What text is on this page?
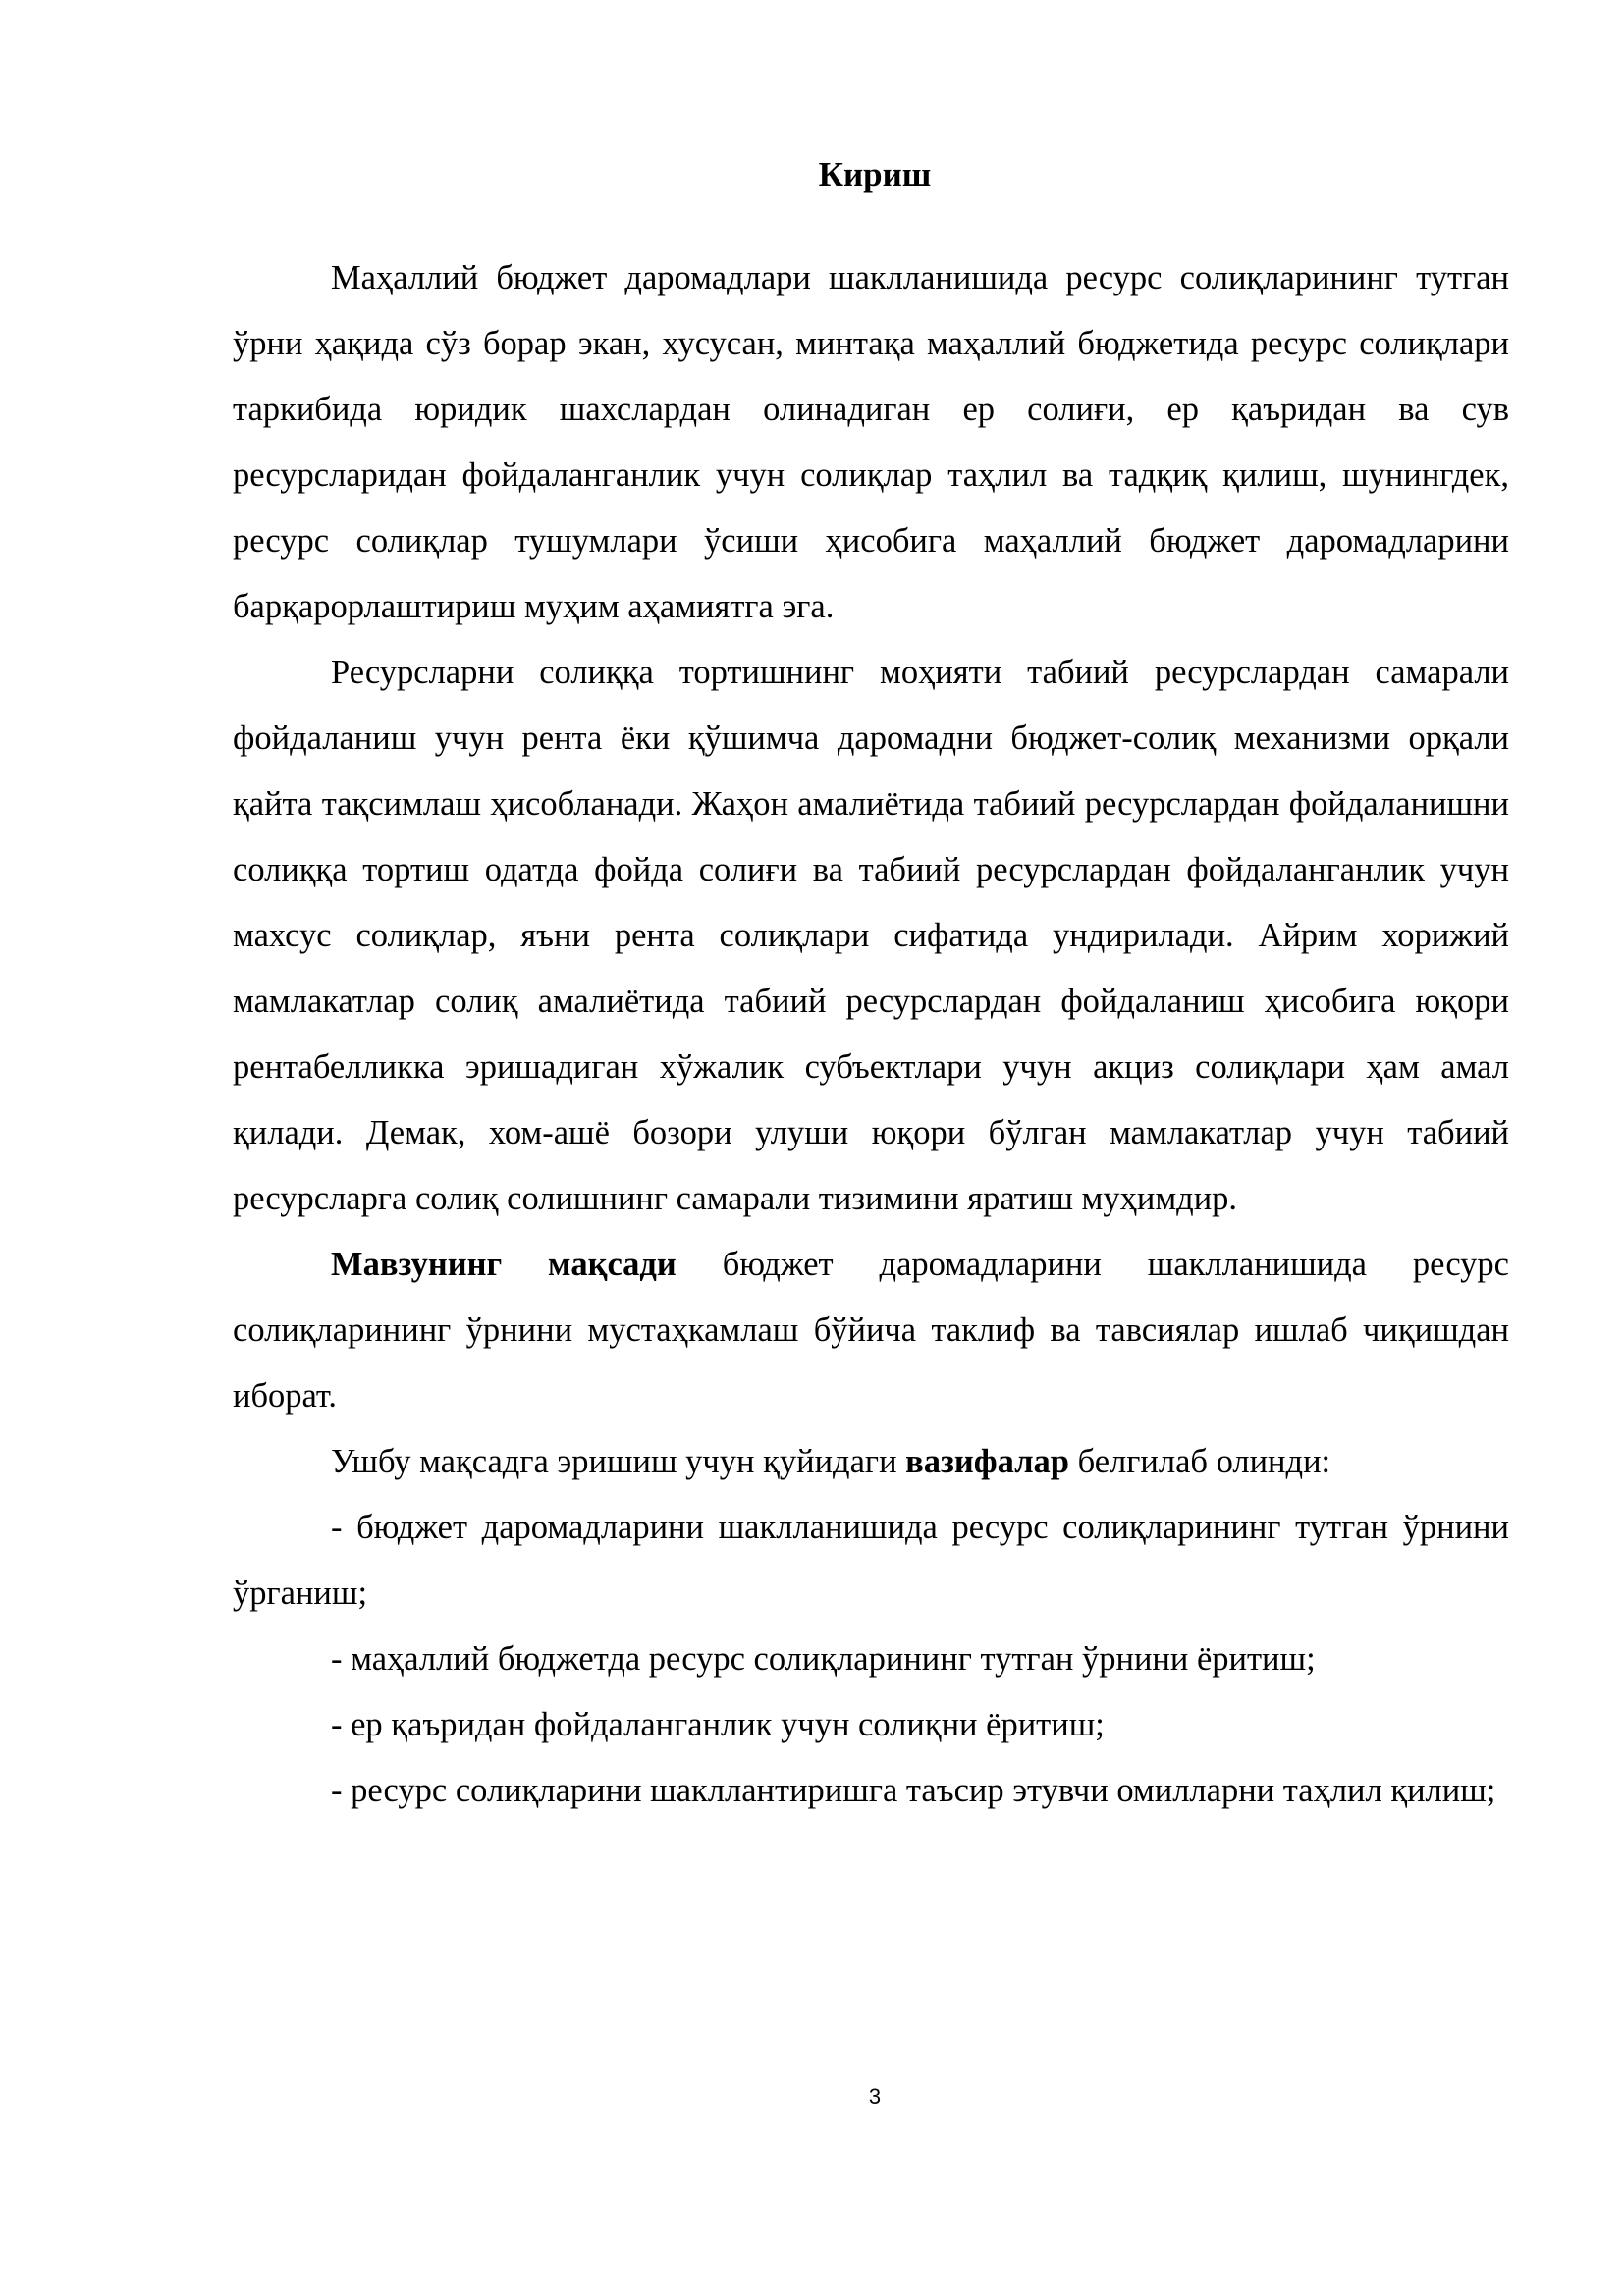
Кириш

Маҳаллий бюджет даромадлари шаклланишида ресурс солиқларининг тутган ўрни ҳақида сўз борар экан, хусусан, минтақа маҳаллий бюджетида ресурс солиқлари таркибида юридик шахслардан олинадиган ер солиғи, ер қаъридан ва сув ресурсларидан фойдаланганлик учун солиқлар таҳлил ва тадқиқ қилиш, шунингдек, ресурс солиқлар тушумлари ўсиши ҳисобига маҳаллий бюджет даромадларини барқарорлаштириш муҳим аҳамиятга эга.

Ресурсларни солиққа тортишнинг моҳияти табиий ресурслардан самарали фойдаланиш учун рента ёки қўшимча даромадни бюджет-солиқ механизми орқали қайта тақсимлаш ҳисобланади. Жаҳон амалиётида табиий ресурслардан фойдаланишни солиққа тортиш одатда фойда солиғи ва табиий ресурслардан фойдаланганлик учун махсус солиқлар, яъни рента солиқлари сифатида ундирилади. Айрим хорижий мамлакатлар солиқ амалиётида табиий ресурслардан фойдаланиш ҳисобига юқори рентабелликка эришадиган хўжалик субъектлари учун акциз солиқлари ҳам амал қилади. Демак, хом-ашё бозори улуши юқори бўлган мамлакатлар учун табиий ресурсларга солиқ солишнинг самарали тизимини яратиш муҳимдир.

Мавзунинг мақсади бюджет даромадларини шаклланишида ресурс солиқларининг ўрнини мустаҳкамлаш бўйича таклиф ва тавсиялар ишлаб чиқишдан иборат.

Ушбу мақсадга эришиш учун қуйидаги вазифалар белгилаб олинди:

- бюджет даромадларини шаклланишида ресурс солиқларининг тутган ўрнини ўрганиш;

- маҳаллий бюджетда ресурс солиқларининг тутган ўрнини ёритиш;

- ер қаъридан фойдаланганлик учун солиқни ёритиш;

- ресурс солиқларини шакллантиришга таъсир этувчи омилларни таҳлил қилиш;

3
